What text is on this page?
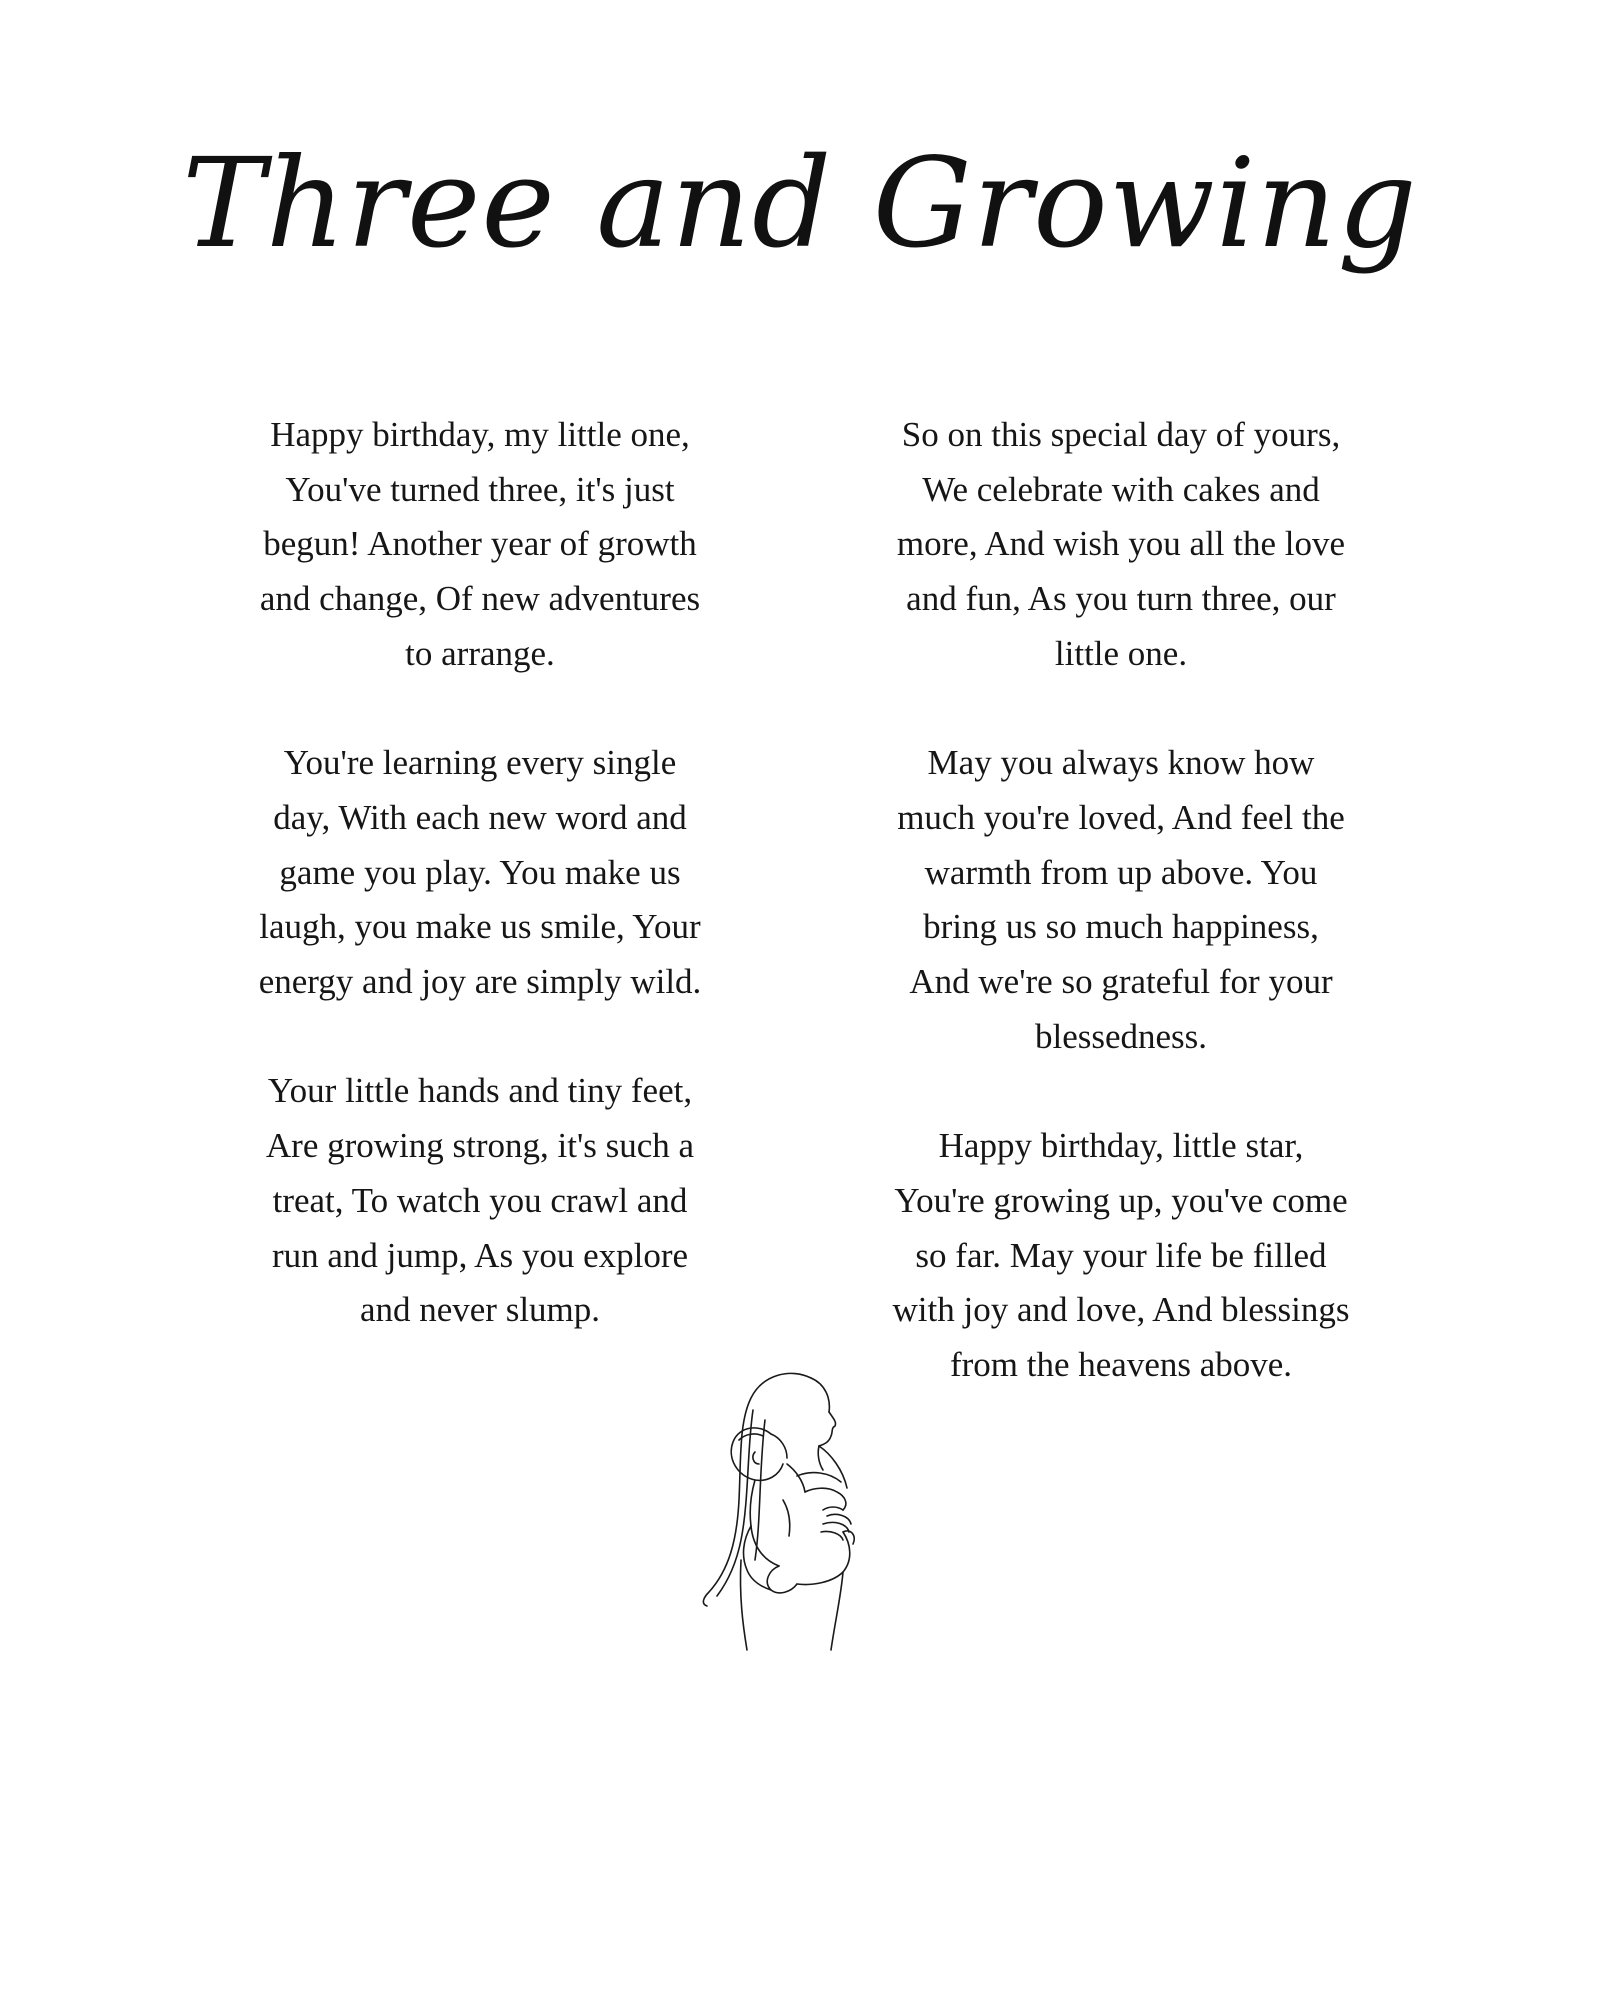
Three and Growing
Happy birthday, my little one,
You've turned three, it's just
begun! Another year of growth
and change, Of new adventures
to arrange.
You're learning every single
day, With each new word and
game you play. You make us
laugh, you make us smile, Your
energy and joy are simply wild.
Your little hands and tiny feet,
Are growing strong, it's such a
treat, To watch you crawl and
run and jump, As you explore
and never slump.
So on this special day of yours,
We celebrate with cakes and
more, And wish you all the love
and fun, As you turn three, our
little one.
May you always know how
much you're loved, And feel the
warmth from up above. You
bring us so much happiness,
And we're so grateful for your
blessedness.
Happy birthday, little star,
You're growing up, you've come
so far. May your life be filled
with joy and love, And blessings
from the heavens above.
